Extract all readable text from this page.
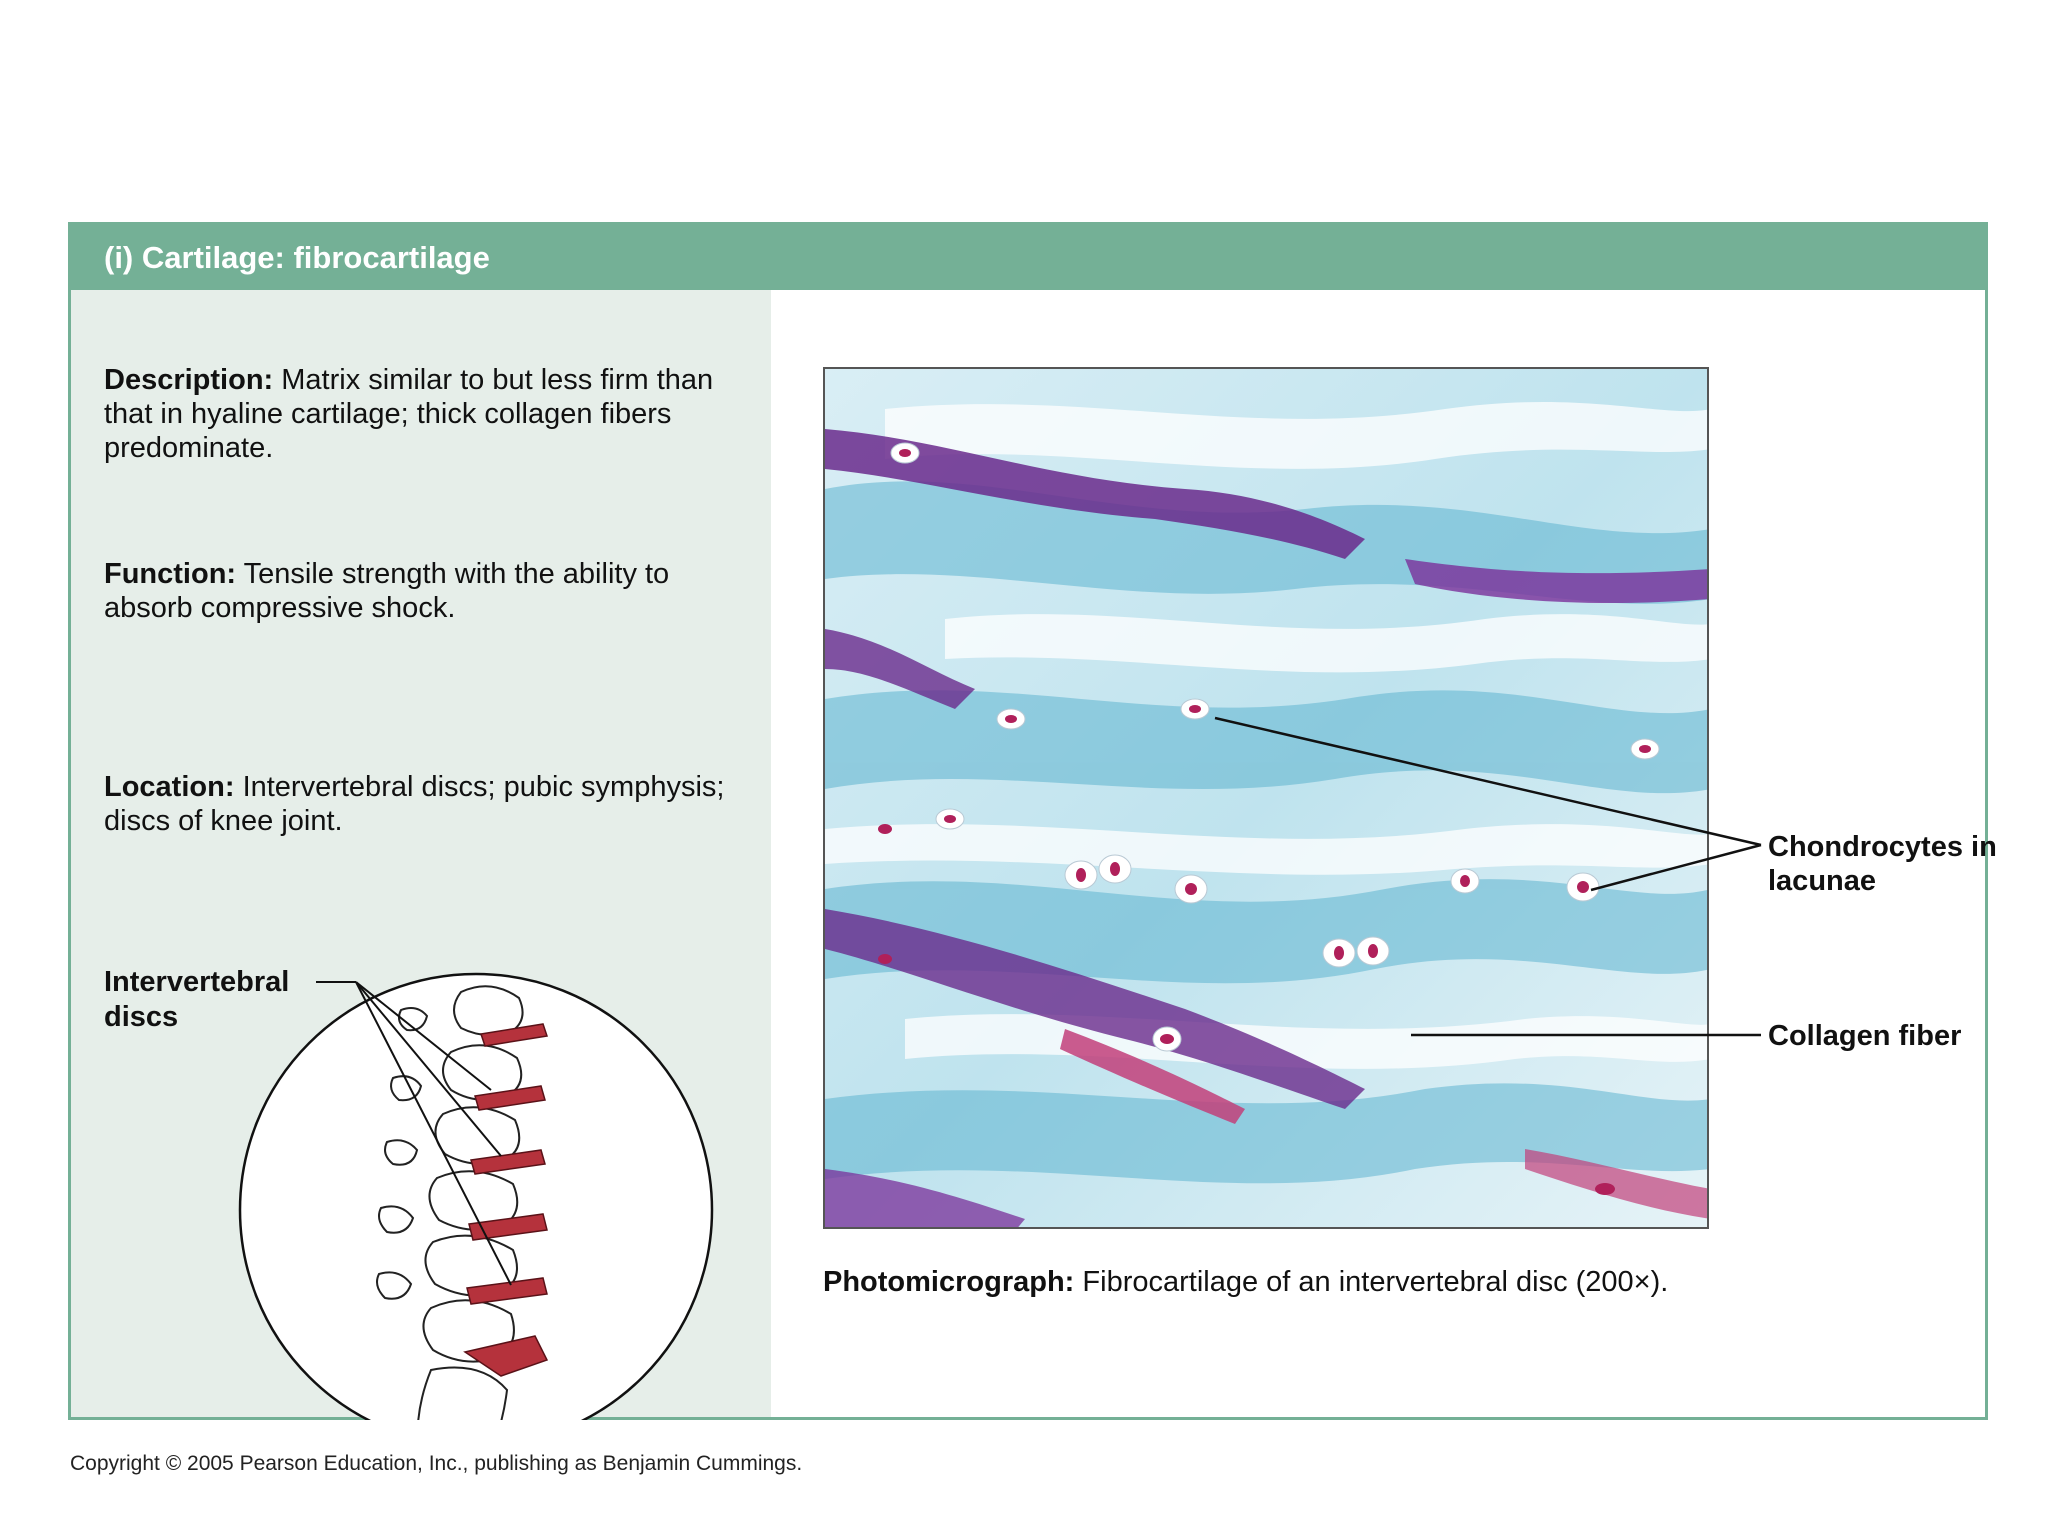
(i) Cartilage: fibrocartilage
Description: Matrix similar to but less firm than that in hyaline cartilage; thick collagen fibers predominate.
Function: Tensile strength with the ability to absorb compressive shock.
Location: Intervertebral discs; pubic symphysis; discs of knee joint.
Intervertebral discs
Photomicrograph: Fibrocartilage of an intervertebral disc (200×).
Chondrocytes in lacunae
Collagen fiber
Copyright © 2005 Pearson Education, Inc., publishing as Benjamin Cummings.
